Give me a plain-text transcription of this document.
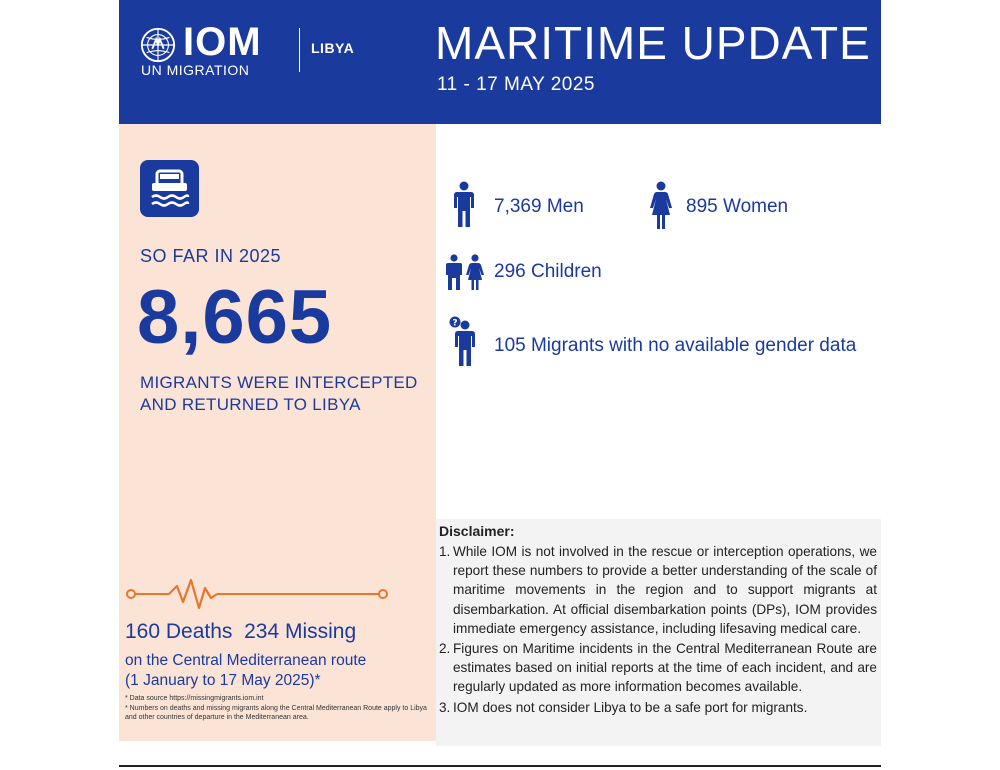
IOM
UN MIGRATION
LIBYA MARITIME UPDATE
11 - 17 MAY 2025
SO FAR IN 2025
8,665
MIGRANTS WERE INTERCEPTED AND RETURNED TO LIBYA
160 Deaths 234 Missing
on the Central Mediterranean route
(1 January to 17 May 2025)*
* Data source https://missingmigrants.iom.int
* Numbers on deaths and missing migrants along the Central Mediterranean Route apply to Libya and other countries of departure in the Mediterranean area.
7,369 Men	895 Women
296 Children
?
105 Migrants with no available gender data
Disclaimer:
1. While IOM is not involved in the rescue or interception operations, we report these numbers to provide a better understanding of the scale of maritime movements in the region and to support migrants at disembarkation. At official disembarkation points (DPs), IOM provides immediate emergency assistance, including lifesaving medical care.
2. Figures on Maritime incidents in the Central Mediterranean Route are estimates based on initial reports at the time of each incident, and are regularly updated as more information becomes available.
3. IOM does not consider Libya to be a safe port for migrants.
